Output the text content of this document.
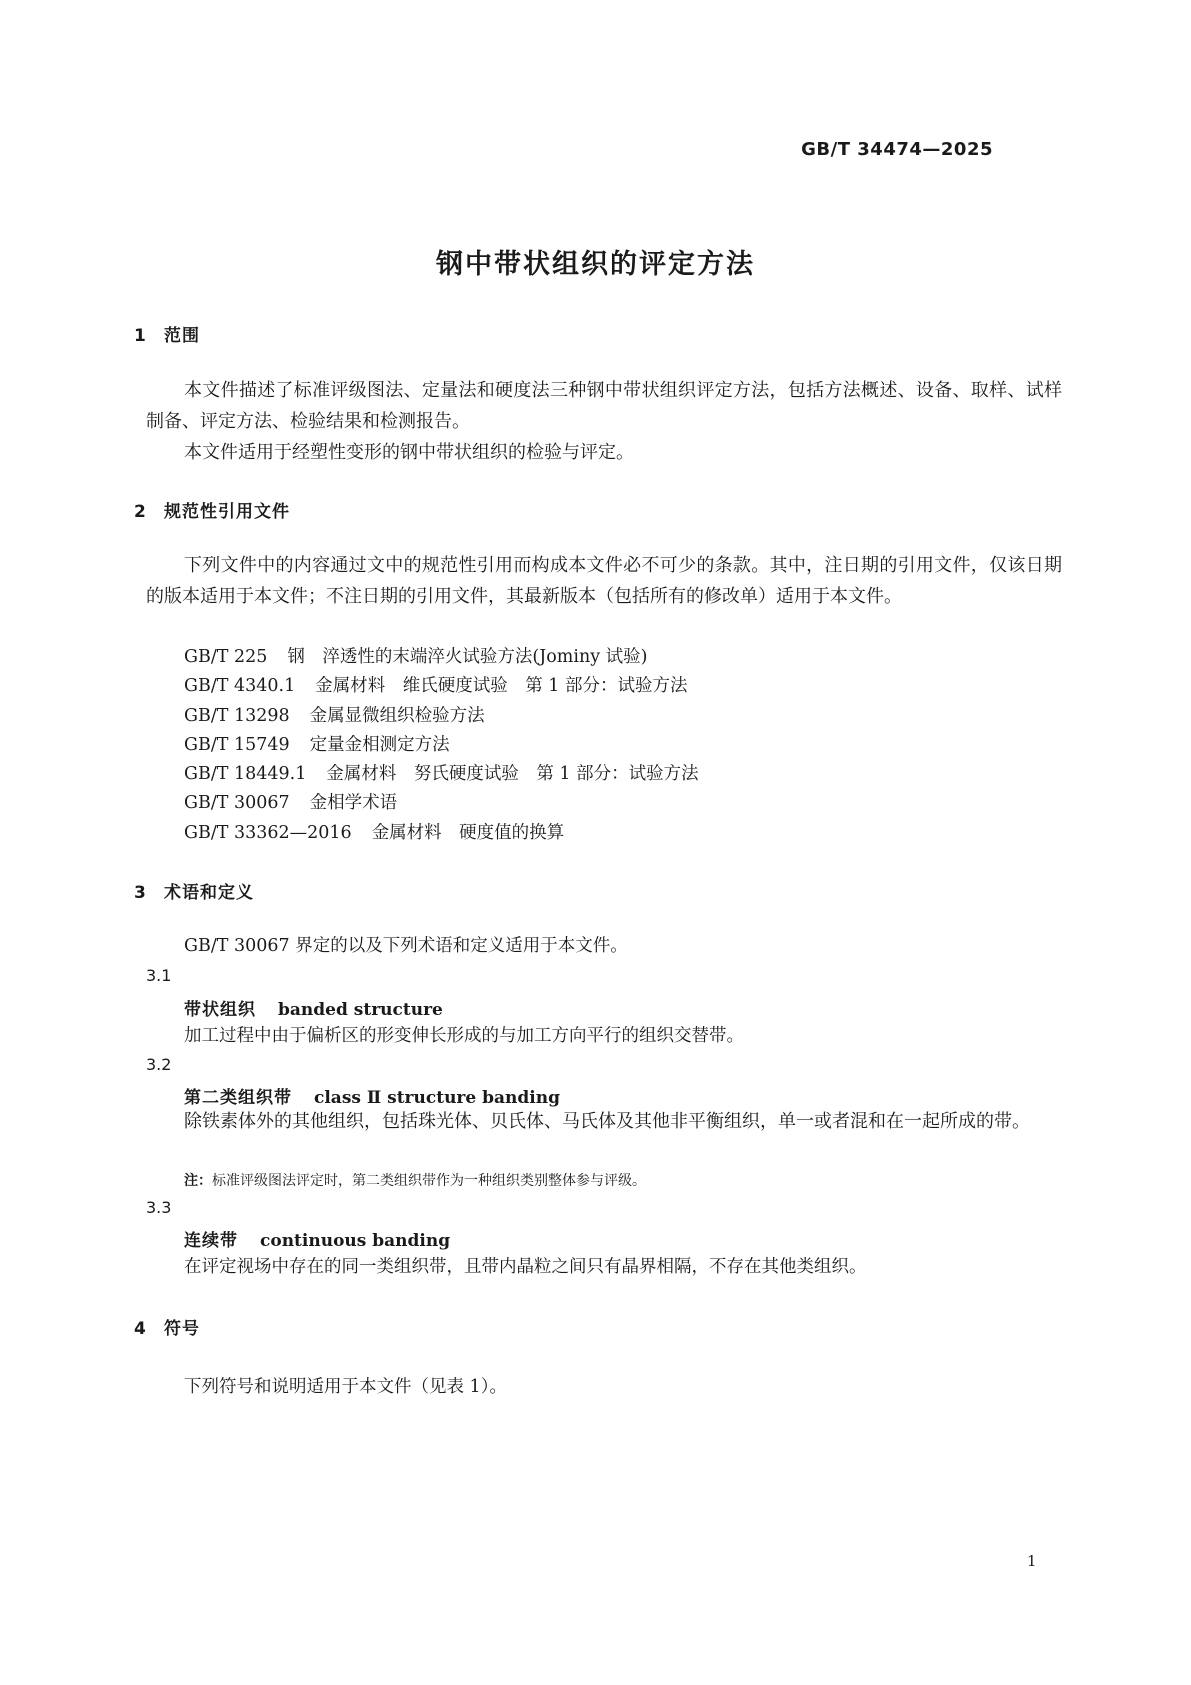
GB/T 34474—2025
钢中带状组织的评定方法
1 范围

本文件描述了标准评级图法、定量法和硬度法三种钢中带状组织评定方法，包括方法概述、设备、取样、试样制备、评定方法、检验结果和检测报告。

本文件适用于经塑性变形的钢中带状组织的检验与评定。

2 规范性引用文件

下列文件中的内容通过文中的规范性引用而构成本文件必不可少的条款。其中，注日期的引用文件，仅该日期的版本适用于本文件；不注日期的引用文件，其最新版本（包括所有的修改单）适用于本文件。

GB/T 225 钢　淬透性的末端淬火试验方法(Jominy 试验)
GB/T 4340.1 金属材料　维氏硬度试验　第 1 部分：试验方法
GB/T 13298 金属显微组织检验方法
GB/T 15749 定量金相测定方法
GB/T 18449.1 金属材料　努氏硬度试验　第 1 部分：试验方法
GB/T 30067 金相学术语
GB/T 33362—2016 金属材料　硬度值的换算
3 术语和定义
GB/T 30067 界定的以及下列术语和定义适用于本文件。
3.1
带状组织 banded structure
加工过程中由于偏析区的形变伸长形成的与加工方向平行的组织交替带。
3.2
第二类组织带 class Ⅱ structure banding

除铁素体外的其他组织，包括珠光体、贝氏体、马氏体及其他非平衡组织，单一或者混和在一起所成的带。

注：标准评级图法评定时，第二类组织带作为一种组织类别整体参与评级。
3.3
连续带 continuous banding
在评定视场中存在的同一类组织带，且带内晶粒之间只有晶界相隔，不存在其他类组织。
4 符号
下列符号和说明适用于本文件（见表 1）。
1
